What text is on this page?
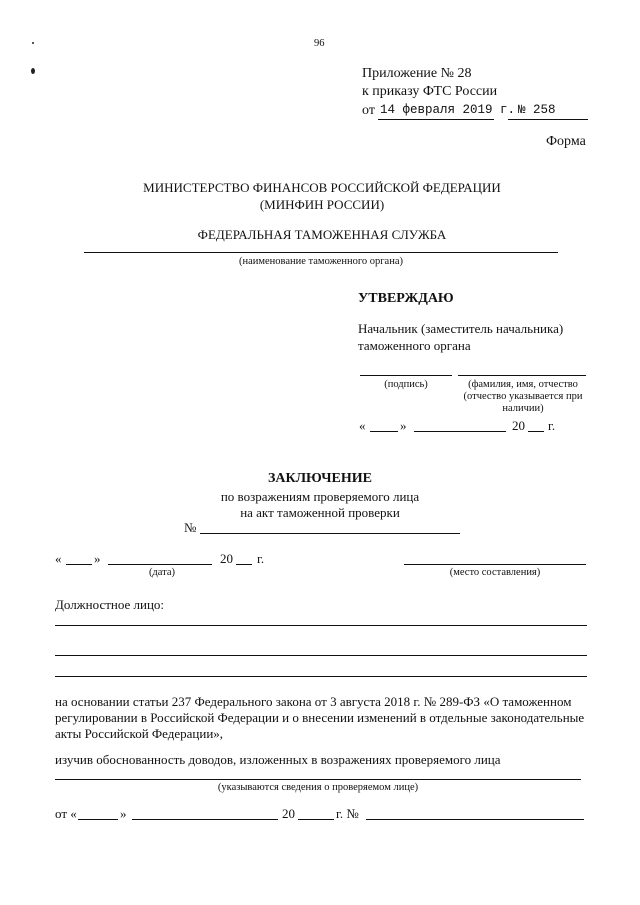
96
Приложение № 28
к приказу ФТС России
от 14 февраля 2019 г. № 258
Форма
МИНИСТЕРСТВО ФИНАНСОВ РОССИЙСКОЙ ФЕДЕРАЦИИ
(МИНФИН РОССИИ)
ФЕДЕРАЛЬНАЯ ТАМОЖЕННАЯ СЛУЖБА
(наименование таможенного органа)
УТВЕРЖДАЮ
Начальник (заместитель начальника)
таможенного органа
(подпись)	(фамилия, имя, отчество
(отчество указывается при
наличии)
«	»	20 г.
ЗАКЛЮЧЕНИЕ
по возражениям проверяемого лица
на акт таможенной проверки
№
«	»	20 г.
(дата)	(место составления)
Должностное лицо:
на основании статьи 237 Федерального закона от 3 августа 2018 г. № 289-ФЗ «О таможенном
регулировании в Российской Федерации и о внесении изменений в отдельные законодательные
акты Российской Федерации»,
изучив обоснованность доводов, изложенных в возражениях проверяемого лица
(указываются сведения о проверяемом лице)
от «	»	20	г. №
